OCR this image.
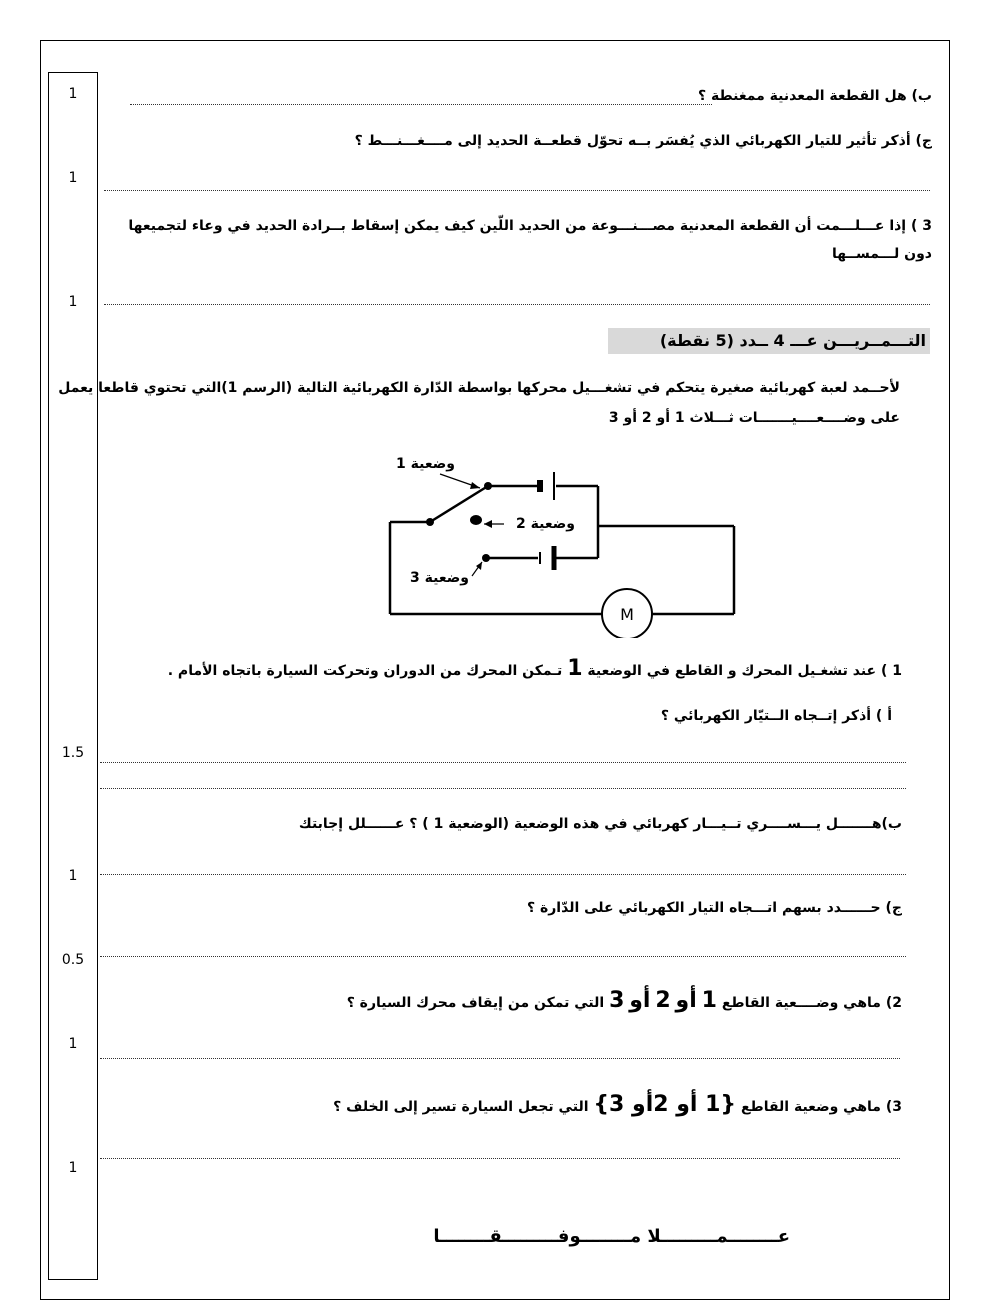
1
1
1
1.5
1
0.5
1
1
ب) هل القطعة المعدنية ممغنطة ؟
ج) أذكر تأثير للتيار الكهربائي الذي يُفسَر بــه تحوّل قطعــة الحديد إلى مــــغـــنـــط ؟
3 ) إذا عـــلـــمت أن القطعة المعدنية مصـــنـــوعة من الحديد اللّين كيف يمكن إسقاط بــرادة الحديد في وعاء لتجميعها
دون لـــمســها
التـــمــريـــن عـــ 4 ــدد (5 نقطة)
لأحــمد لعبة كهربائية صغيرة يتحكم في تشغـــيل محركها بواسطة الدّارة الكهربائية التالية (الرسم 1)التي تحتوي قاطعا يعمل
على وضــــعــــيـــــــات ثـــلاث 1 أو 2 أو 3
M
وضعية 1
وضعية 2
وضعية 3
1 ) عند تشغـيل المحرك و القاطع في الوضعية 1 تـمكن المحرك من الدوران وتحركت السيارة باتجاه الأمام .
أ ) أذكر إتــجاه الــتيّار الكهربائي ؟
ب)هـــــــل يـــســــري تــيـــار كهربائي في هذه الوضعية (الوضعية 1 ) ؟ عــــــلل إجابتك
ج) حــــــدد بسهم اتـــجاه التيار الكهربائي على الدّارة ؟
2) ماهي وضــــعية القاطع 1 أو 2 أو 3 التي تمكن من إيقاف محرك السيارة ؟
3) ماهي وضعية القاطع {1 أو 2أو 3} التي تجعل السيارة تسير إلى الخلف ؟
عــــــــمـــــــــلا مــــــــوفـــــــــقــــــــا
